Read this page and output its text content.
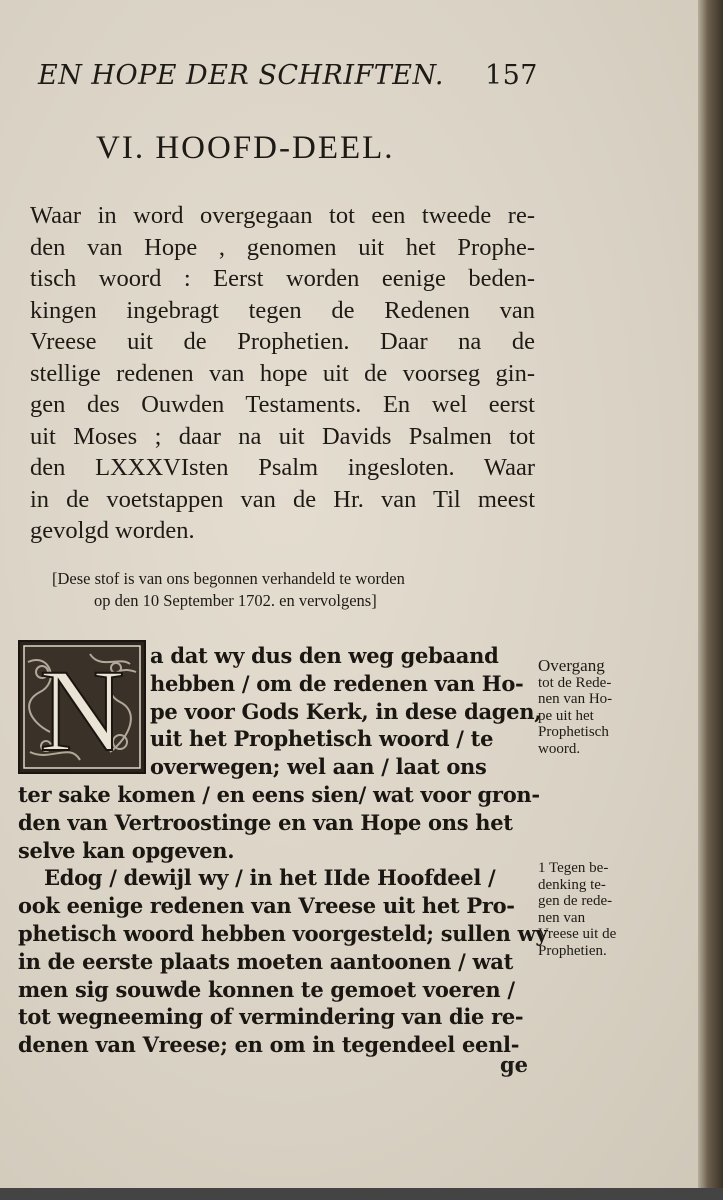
EN HOPE DER SCHRIFTEN. 157
VI. HOOFD-DEEL.

Waar in word overgegaan tot een tweede re-
den van Hope , genomen uit het Prophe-
tisch woord : Eerst worden eenige beden-
kingen ingebragt tegen de Redenen van
Vreese uit de Prophetien. Daar na de
stellige redenen van hope uit de voorseg gin-
gen des Ouwden Testaments. En wel eerst
uit Moses ; daar na uit Davids Psalmen tot
den LXXXVIsten Psalm ingesloten. Waar
in de voetstappen van de Hr. van Til meest
gevolgd worden.

[Dese stof is van ons begonnen verhandeld te worden
op den 10 September 1702. en vervolgens]

N	a dat wy dus den weg gebaand
hebben / om de redenen van Ho-
pe voor Gods Kerk, in dese dagen,
uit het Prophetisch woord / te
overwegen; wel aan / laat ons
ter sake komen / en eens sien/ wat voor gron-
den van Vertroostinge en van Hope ons het
selve kan opgeven.
Edog / dewijl wy / in het IIde Hoofdeel /
ook eenige redenen van Vreese uit het Pro-
phetisch woord hebben voorgesteld; sullen wy
in de eerste plaats moeten aantoonen / wat
men sig souwde konnen te gemoet voeren /
tot wegneeming of vermindering van die re-
denen van Vreese; en om in tegendeel eenl-
ge
Overgang
tot de Rede-
nen van Ho-
pe uit het
Prophetisch
woord.
1 Tegen be-
denking te-
gen de rede-
nen van
Vreese uit de
Prophetien.
